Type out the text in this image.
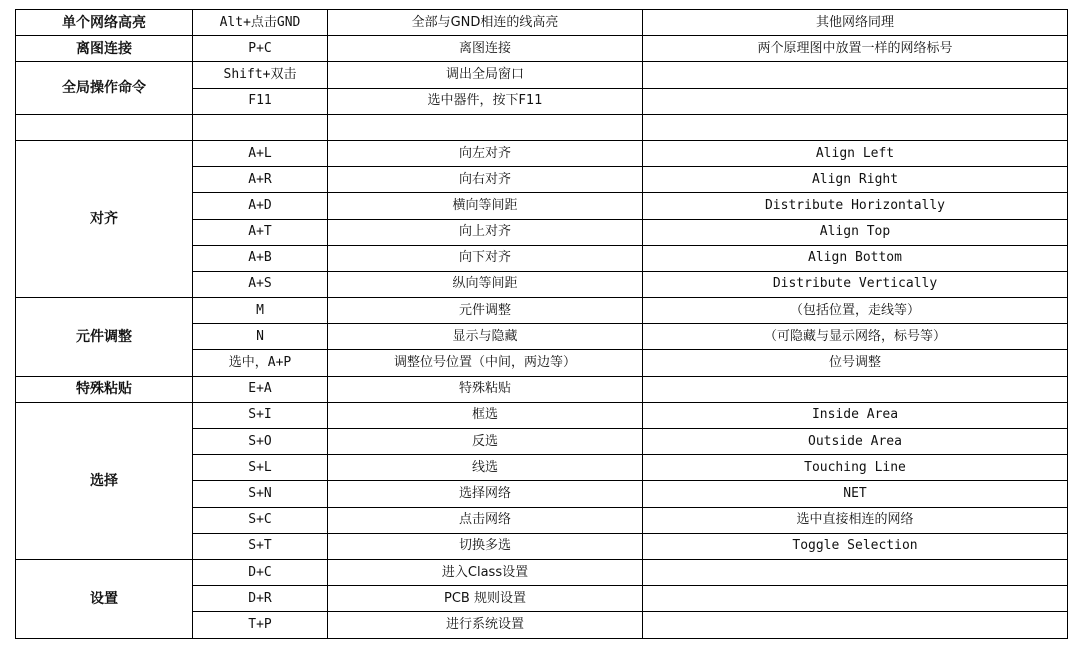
单个网络高亮	Alt+点击GND	全部与GND相连的线高亮	其他网络同理
离图连接	P+C	离图连接	两个原理图中放置一样的网络标号
全局操作命令	Shift+双击	调出全局窗口	
	F11	选中器件，按下F11	

对齐	A+L	向左对齐	Align Left
	A+R	向右对齐	Align Right
	A+D	横向等间距	Distribute Horizontally
	A+T	向上对齐	Align Top
	A+B	向下对齐	Align Bottom
	A+S	纵向等间距	Distribute Vertically
元件调整	M	元件调整	（包括位置，走线等）
	N	显示与隐藏	（可隐藏与显示网络，标号等）
	选中，A+P	调整位号位置（中间，两边等）	位号调整
特殊粘贴	E+A	特殊粘贴	
选择	S+I	框选	Inside Area
	S+O	反选	Outside Area
	S+L	线选	Touching Line
	S+N	选择网络	NET
	S+C	点击网络	选中直接相连的网络
	S+T	切换多选	Toggle Selection
设置	D+C	进入Class设置	
	D+R	PCB 规则设置	
	T+P	进行系统设置	
